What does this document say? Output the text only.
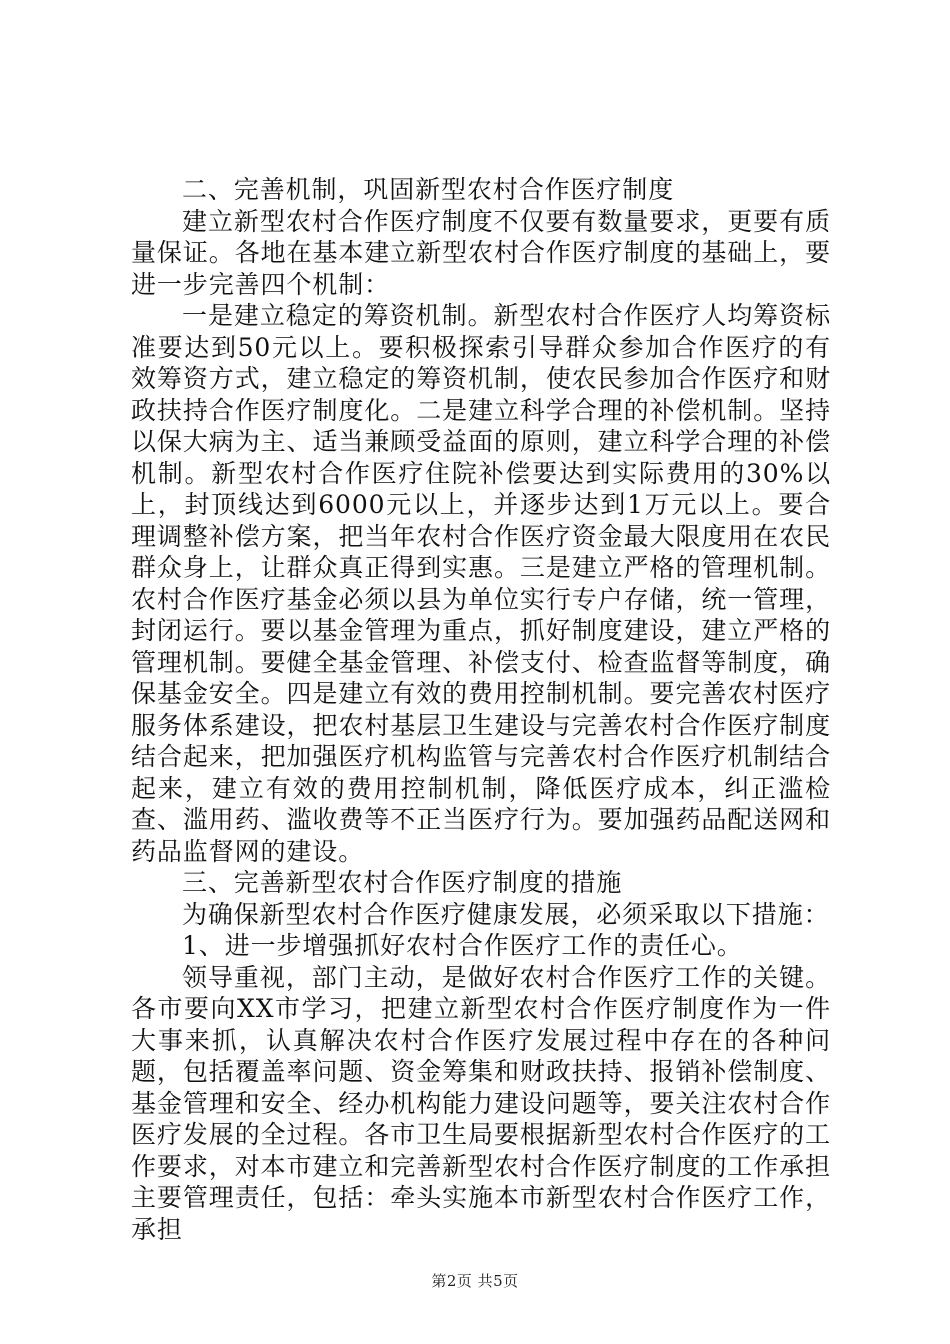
二、完善机制，巩固新型农村合作医疗制度

建立新型农村合作医疗制度不仅要有数量要求，更要有质量保证。各地在基本建立新型农村合作医疗制度的基础上，要进一步完善四个机制：

一是建立稳定的筹资机制。新型农村合作医疗人均筹资标准要达到50元以上。要积极探索引导群众参加合作医疗的有效筹资方式，建立稳定的筹资机制，使农民参加合作医疗和财政扶持合作医疗制度化。二是建立科学合理的补偿机制。坚持以保大病为主、适当兼顾受益面的原则，建立科学合理的补偿机制。新型农村合作医疗住院补偿要达到实际费用的30%以上，封顶线达到6000元以上，并逐步达到1万元以上。要合理调整补偿方案，把当年农村合作医疗资金最大限度用在农民群众身上，让群众真正得到实惠。三是建立严格的管理机制。农村合作医疗基金必须以县为单位实行专户存储，统一管理，封闭运行。要以基金管理为重点，抓好制度建设，建立严格的管理机制。要健全基金管理、补偿支付、检查监督等制度，确保基金安全。四是建立有效的费用控制机制。要完善农村医疗服务体系建设，把农村基层卫生建设与完善农村合作医疗制度结合起来，把加强医疗机构监管与完善农村合作医疗机制结合起来，建立有效的费用控制机制，降低医疗成本，纠正滥检查、滥用药、滥收费等不正当医疗行为。要加强药品配送网和药品监督网的建设。

三、完善新型农村合作医疗制度的措施

为确保新型农村合作医疗健康发展，必须采取以下措施：

1、进一步增强抓好农村合作医疗工作的责任心。

领导重视，部门主动，是做好农村合作医疗工作的关键。各市要向XX市学习，把建立新型农村合作医疗制度作为一件大事来抓，认真解决农村合作医疗发展过程中存在的各种问题，包括覆盖率问题、资金筹集和财政扶持、报销补偿制度、基金管理和安全、经办机构能力建设问题等，要关注农村合作医疗发展的全过程。各市卫生局要根据新型农村合作医疗的工作要求，对本市建立和完善新型农村合作医疗制度的工作承担主要管理责任，包括：牵头实施本市新型农村合作医疗工作，承担

第2页 共5页
